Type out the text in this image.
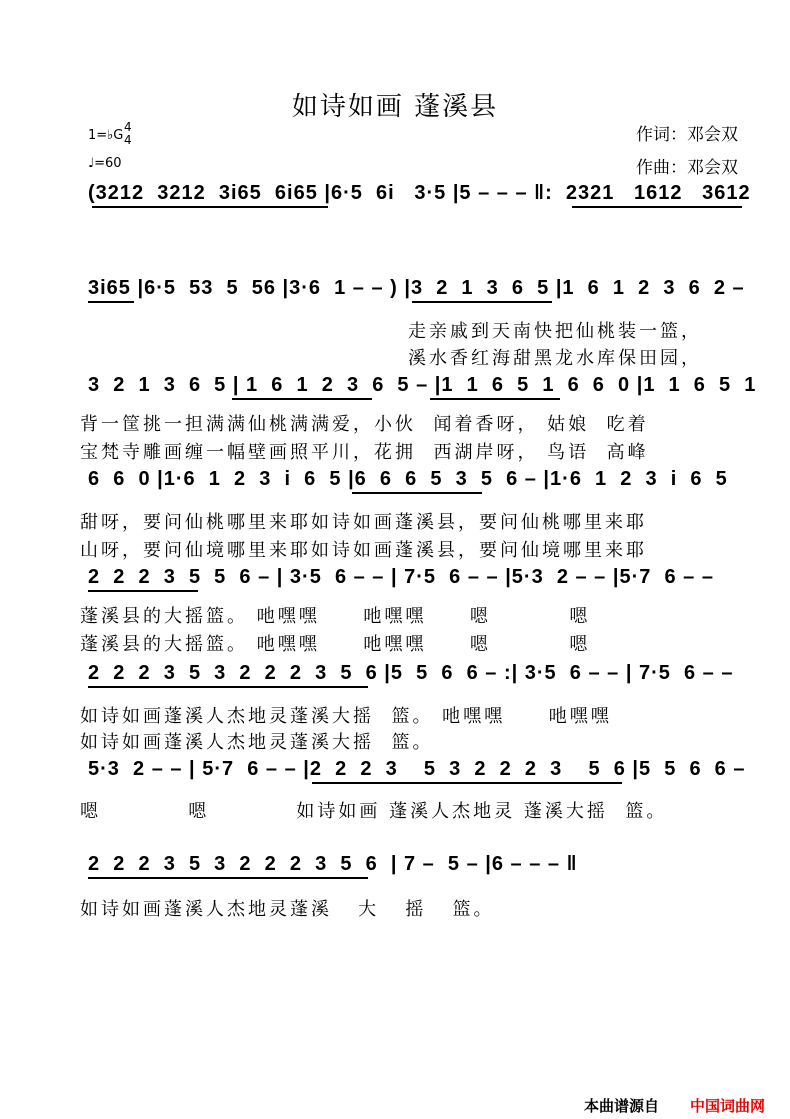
如诗如画 蓬溪县
作词：邓会双
作曲：邓会双
1=♭G
4
4
♩=60
(3212  3212  3i65  6i65 |6·5  6i   3·5 |5 – – – ‖:  2321   1612   3612
3i65 |6·5  53  5  56 |3·6  1 – – ) |3  2  1  3  6  5 |1  6  1  2  3  6  2 –
走亲戚到天南快把仙桃装一篮，
溪水香红海甜黑龙水库保田园，
3  2  1  3  6  5 | 1  6  1  2  3  6  5 – |1  1  6  5  1  6  6  0 |1  1  6  5  1
背一筐挑一担满满仙桃满满爱，小伙  闻着香呀， 姑娘  吃着
宝梵寺雕画缠一幅壁画照平川，花拥  西湖岸呀， 鸟语  高峰
6  6  0 |1·6  1  2  3  i  6  5 |6  6  6  5  3  5  6 – |1·6  1  2  3  i  6  5
甜呀，要问仙桃哪里来耶如诗如画蓬溪县，要问仙桃哪里来耶
山呀，要问仙境哪里来耶如诗如画蓬溪县，要问仙境哪里来耶
2  2  2  3  5  5  6 – | 3·5  6 – – | 7·5  6 – – |5·3  2 – – |5·7  6 – –
蓬溪县的大摇篮。 吔嘿嘿     吔嘿嘿     嗯         嗯
蓬溪县的大摇篮。 吔嘿嘿     吔嘿嘿     嗯         嗯
2  2  2  3  5  3  2  2  2  3  5  6 |5  5  6  6 – :| 3·5  6 – – | 7·5  6 – –
如诗如画蓬溪人杰地灵蓬溪大摇  篮。 吔嘿嘿     吔嘿嘿
如诗如画蓬溪人杰地灵蓬溪大摇  篮。
5·3  2 – – | 5·7  6 – – |2  2  2  3    5  3  2  2  2  3    5  6 |5  5  6  6 –
嗯          嗯          如诗如画 蓬溪人杰地灵 蓬溪大摇  篮。
2  2  2  3  5  3  2  2  2  3  5  6  | 7 –  5 – |6 – – – ‖
如诗如画蓬溪人杰地灵蓬溪   大   摇   篮。
本曲谱源自 中国词曲网
